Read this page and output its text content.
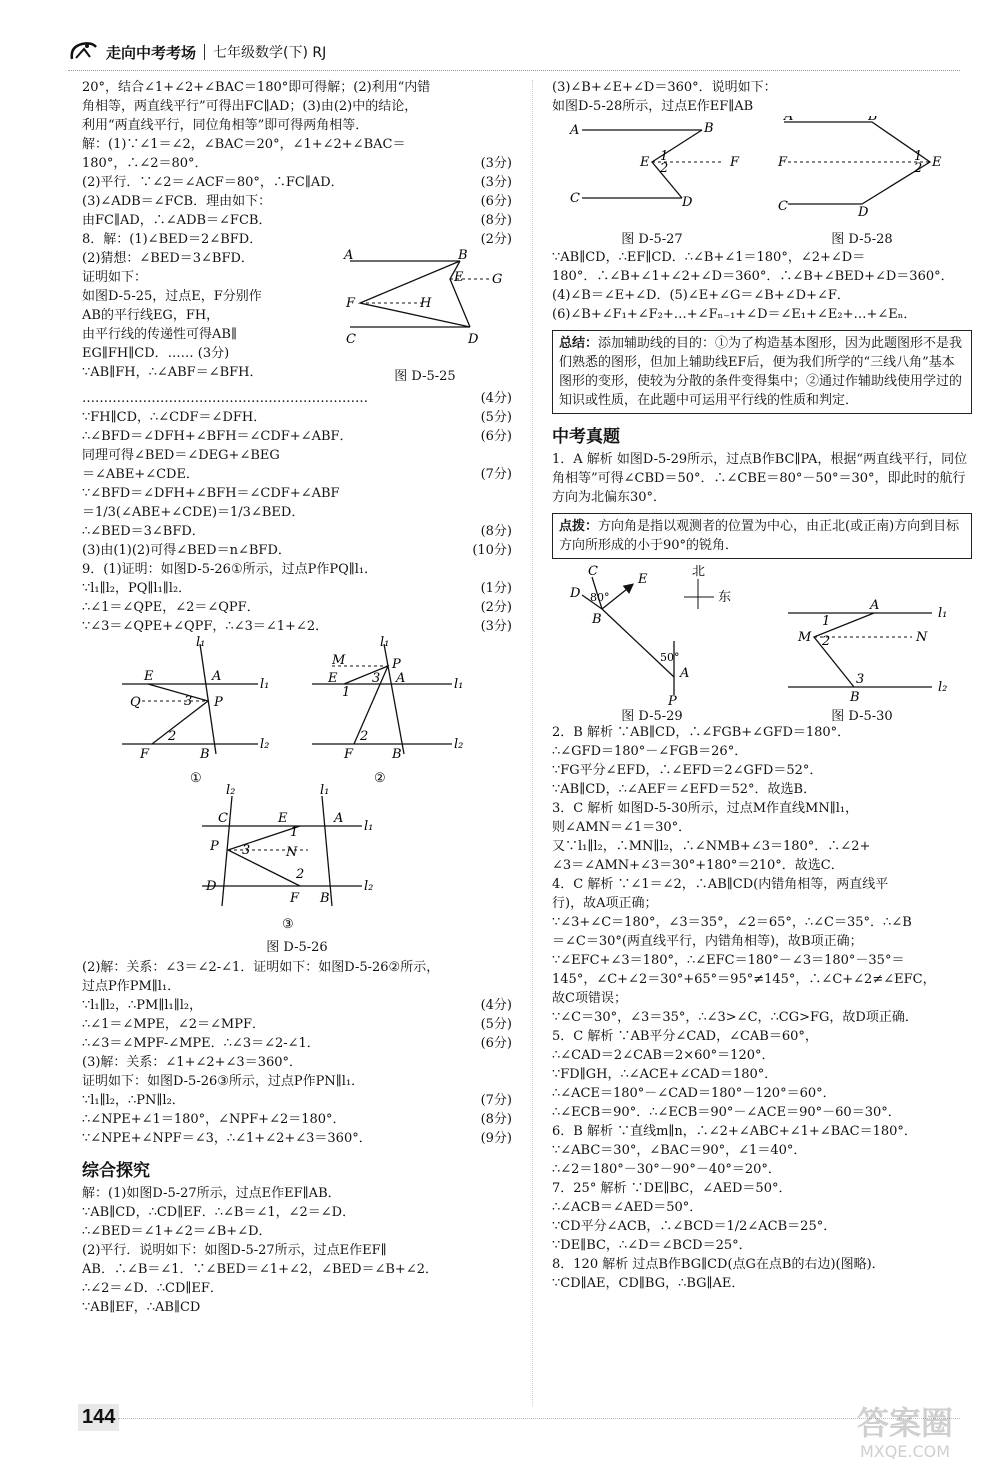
走向中考考场 七年级数学(下) RJ
20°，结合∠1+∠2+∠BAC＝180°即可得解；(2)利用“内错
角相等，两直线平行”可得出FC∥AD；(3)由(2)中的结论，
利用“两直线平行，同位角相等”即可得两角相等．
解：(1)∵∠1＝∠2，∠BAC＝20°，∠1+∠2+∠BAC＝
(3分)
180°，∴∠2＝80°．
(3分)
(2)平行．∵∠2＝∠ACF＝80°，∴FC∥AD．
(6分)
(3)∠ADB＝∠FCB．理由如下：
(8分)
由FC∥AD，∴∠ADB＝∠FCB．
(2分)
8．解：(1)∠BED＝2∠BFD．
(2)猜想：∠BED＝3∠BFD．
证明如下：
如图D-5-25，过点E，F分别作
AB的平行线EG，FH，
由平行线的传递性可得AB∥
EG∥FH∥CD．…… (3分)
∵AB∥FH，∴∠ABF＝∠BFH．
A	B
E G
F	H
C	D
图 D-5-25
(4分)
…………………………………………………………
(5分)
∵FH∥CD，∴∠CDF＝∠DFH．
(6分)
∴∠BFD＝∠DFH+∠BFH＝∠CDF+∠ABF．
同理可得∠BED＝∠DEG+∠BEG
(7分)
＝∠ABE+∠CDE．
∵∠BFD＝∠DFH+∠BFH＝∠CDF+∠ABF
＝1/3(∠ABE+∠CDE)＝1/3∠BED．
(8分)
∴∠BED＝3∠BFD．
(10分)
(3)由(1)(2)可得∠BED＝n∠BFD．
9．(1)证明：如图D-5-26①所示，过点P作PQ∥l₁．
(1分)
∵l₁∥l₂，PQ∥l₁∥l₂．
(2分)
∴∠1＝∠QPE，∠2＝∠QPF．
(3分)
∵∠3＝∠QPE+∠QPF，∴∠3＝∠1+∠2．
l₁
E	A
l₁
Q	3 P
2
F	B
l₂
①
l₁
M	P
E	3 A
1
l₁
2
F	B
l₂
②
l₂	l₁
C	E	A
l₁
1
P 3	N
2
D
F B
l₂
③
图 D-5-26
(2)解：关系：∠3＝∠2-∠1．证明如下：如图D-5-26②所示，
过点P作PM∥l₁．
(4分)
∵l₁∥l₂，∴PM∥l₁∥l₂，
(5分)
∴∠1＝∠MPE，∠2＝∠MPF．
(6分)
∴∠3＝∠MPF-∠MPE．∴∠3＝∠2-∠1．
(3)解：关系：∠1+∠2+∠3＝360°．
证明如下：如图D-5-26③所示，过点P作PN∥l₁．
(7分)
∵l₁∥l₂，∴PN∥l₂．
(8分)
∴∠NPE+∠1＝180°，∠NPF+∠2＝180°．
(9分)
∵∠NPE+∠NPF＝∠3，∴∠1+∠2+∠3＝360°．
综合探究
解：(1)如图D-5-27所示，过点E作EF∥AB．
∵AB∥CD，∴CD∥EF．∴∠B＝∠1，∠2＝∠D．
∴∠BED＝∠1+∠2＝∠B+∠D．
(2)平行．说明如下：如图D-5-27所示，过点E作EF∥
AB．∴∠B＝∠1．∵∠BED＝∠1+∠2，∠BED＝∠B+∠2．
∴∠2＝∠D．∴CD∥EF．
∵AB∥EF，∴AB∥CD
(3)∠B+∠E+∠D＝360°．说明如下：
如图D-5-28所示，过点E作EF∥AB
A	B
E 1
2	F
C	D
A	B
F	1
2 E
C	D
图 D-5-27	图 D-5-28
∵AB∥CD，∴EF∥CD．∴∠B+∠1＝180°，∠2+∠D＝
180°．∴∠B+∠1+∠2+∠D＝360°．∴∠B+∠BED+∠D＝360°．
(4)∠B＝∠E+∠D．(5)∠E+∠G＝∠B+∠D+∠F．
(6)∠B+∠F₁+∠F₂+…+∠Fₙ₋₁+∠D＝∠E₁+∠E₂+…+∠Eₙ．
总结：添加辅助线的目的：①为了构造基本图形，因为此题图形不是我们熟悉的图形，但加上辅助线EF后，便为我们所学的“三线八角”基本图形的变形，使较为分散的条件变得集中；②通过作辅助线使用学过的知识或性质，在此题中可运用平行线的性质和判定．
中考真题
1．A 解析 如图D-5-29所示，过点B作BC∥PA，根据“两直线平行，同位角相等”可得∠CBD＝50°．∴∠CBE＝80°－50°＝30°，即此时的航行方向为北偏东30°．
点拨：方向角是指以观测者的位置为中心，由正北(或正南)方向到目标方向所形成的小于90°的锐角．
D
C
E
B
A
P
80°
50°
北
东
A
l₁
1
M 2	N
3
B
l₂
图 D-5-29	图 D-5-30
2．B 解析 ∵AB∥CD，∴∠FGB+∠GFD＝180°．
∴∠GFD＝180°－∠FGB＝26°．
∵FG平分∠EFD，∴∠EFD＝2∠GFD＝52°．
∵AB∥CD，∴∠AEF＝∠EFD＝52°．故选B．
3．C 解析 如图D-5-30所示，过点M作直线MN∥l₁，
则∠AMN＝∠1＝30°．
又∵l₁∥l₂，∴MN∥l₂，∴∠NMB+∠3＝180°．∴∠2+
∠3＝∠AMN+∠3＝30°+180°＝210°．故选C．
4．C 解析 ∵∠1＝∠2，∴AB∥CD(内错角相等，两直线平
行)，故A项正确；
∵∠3+∠C＝180°，∠3＝35°，∠2＝65°，∴∠C＝35°．∴∠B
＝∠C＝30°(两直线平行，内错角相等)，故B项正确；
∵∠EFC+∠3＝180°，∴∠EFC＝180°－∠3＝180°－35°＝
145°，∠C+∠2＝30°+65°＝95°≠145°，∴∠C+∠2≠∠EFC，
故C项错误；
∵∠C＝30°，∠3＝35°，∴∠3>∠C，∴CG>FG，故D项正确．
5．C 解析 ∵AB平分∠CAD，∠CAB＝60°，
∴∠CAD＝2∠CAB＝2×60°＝120°．
∵FD∥GH，∴∠ACE+∠CAD＝180°．
∴∠ACE＝180°－∠CAD＝180°－120°＝60°．
∴∠ECB＝90°．∴∠ECB＝90°－∠ACE＝90°－60＝30°．
6．B 解析 ∵直线m∥n，∴∠2+∠ABC+∠1+∠BAC＝180°．
∵∠ABC＝30°，∠BAC＝90°，∠1＝40°．
∴∠2＝180°－30°－90°－40°＝20°．
7．25° 解析 ∵DE∥BC，∠AED＝50°．
∴∠ACB＝∠AED＝50°．
∵CD平分∠ACB，∴∠BCD＝1/2∠ACB＝25°．
∵DE∥BC，∴∠D＝∠BCD＝25°．
8．120 解析 过点B作BG∥CD(点G在点B的右边)(图略)．
∵CD∥AE，CD∥BG，∴BG∥AE．
144	答案圈
MXQE.COM
